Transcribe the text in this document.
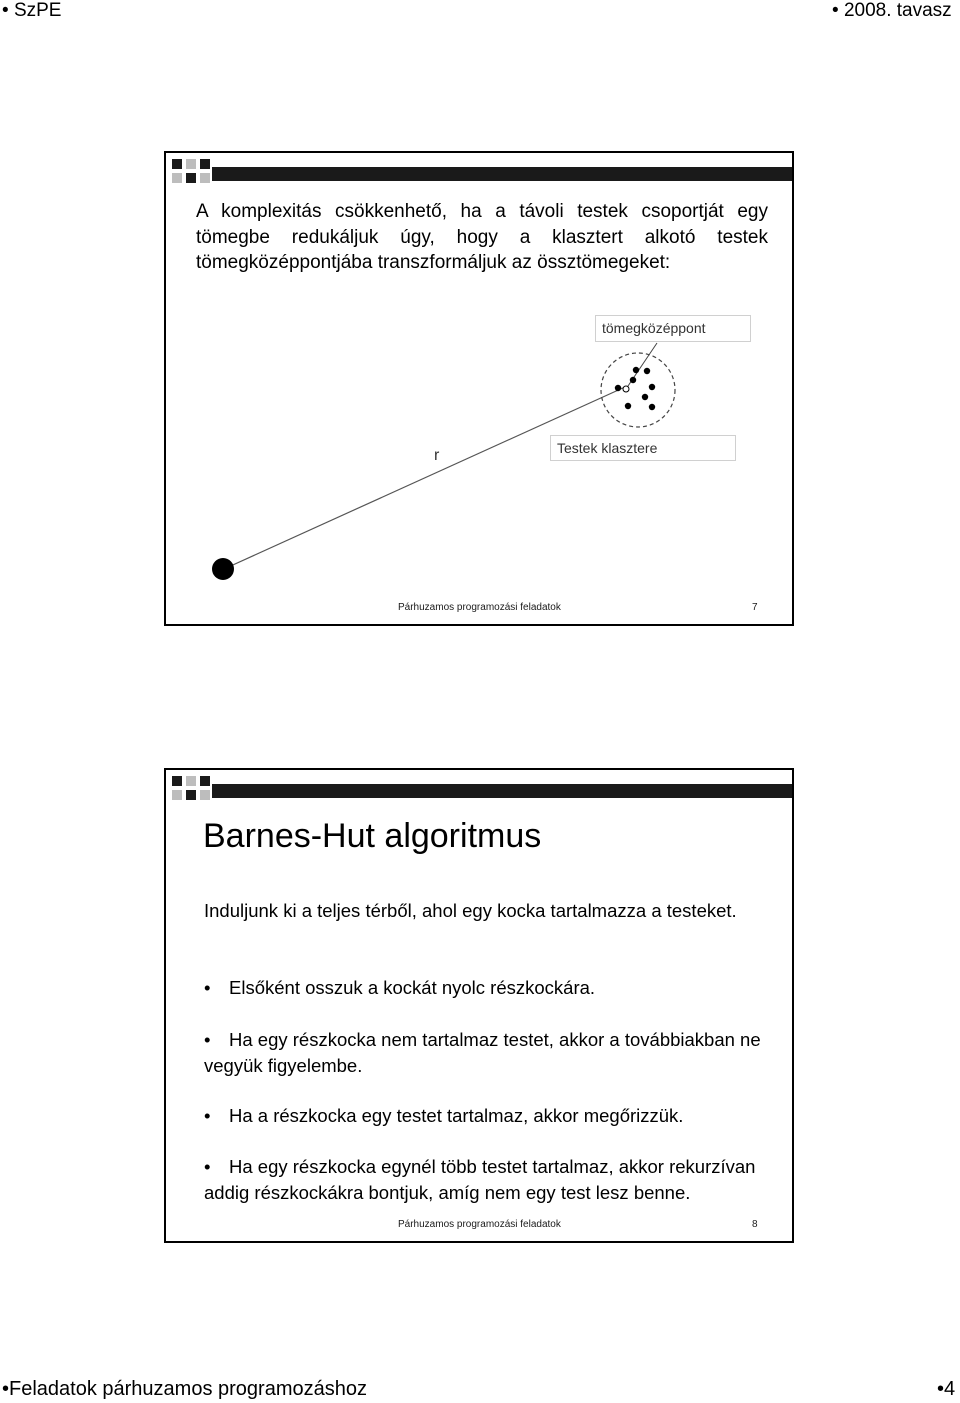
• SzPE	• 2008. tavasz
A komplexitás csökkenhető, ha a távoli testek csoportját egy tömegbe redukáljuk úgy, hogy a klasztert alkotó testek tömegközéppontjába transzformáljuk az össztömegeket:
tömegközéppont
Testek klasztere
r
Párhuzamos programozási feladatok	7
Barnes-Hut algoritmus
Induljunk ki a teljes térből, ahol egy kocka tartalmazza a testeket.
• Elsőként osszuk a kockát nyolc részkockára.
• Ha egy részkocka nem tartalmaz testet, akkor a továbbiakban ne vegyük figyelembe.
• Ha a részkocka egy testet tartalmaz, akkor megőrizzük.
• Ha egy részkocka egynél több testet tartalmaz, akkor rekurzívan addig részkockákra bontjuk, amíg nem egy test lesz benne.
Párhuzamos programozási feladatok	8
•Feladatok párhuzamos programozáshoz	•4
